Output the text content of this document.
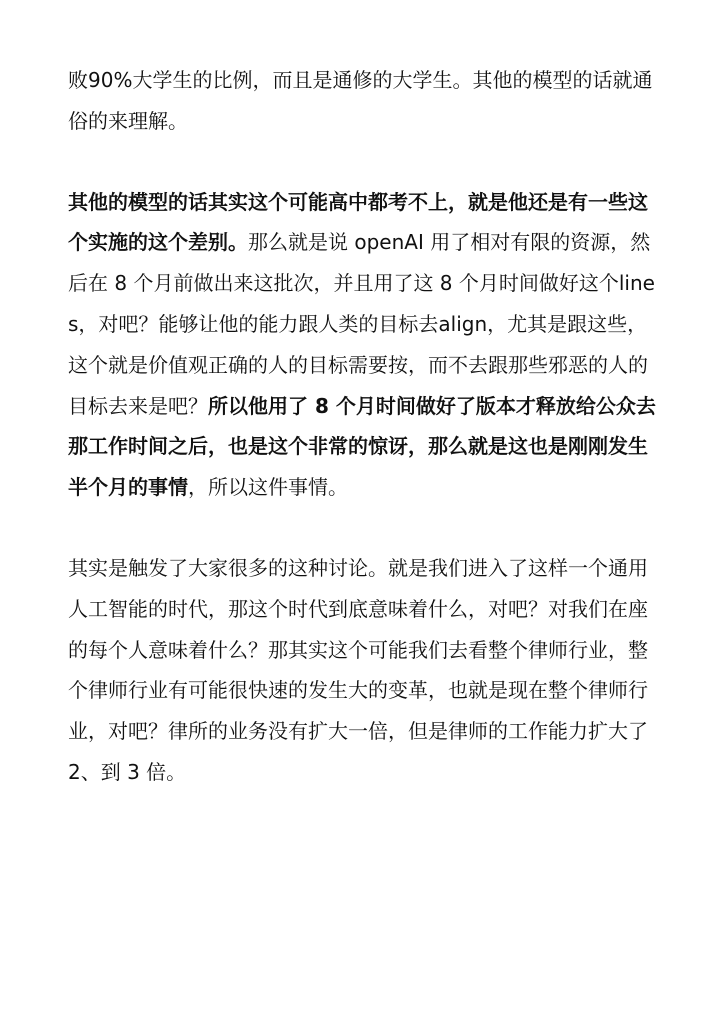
败90%大学生的比例，而且是通修的大学生。其他的模型的话就通俗的来理解。

其他的模型的话其实这个可能高中都考不上，就是他还是有一些这个实施的这个差别。那么就是说 openAI 用了相对有限的资源，然后在 8 个月前做出来这批次，并且用了这 8 个月时间做好这个lines，对吧？能够让他的能力跟人类的目标去align，尤其是跟这些，这个就是价值观正确的人的目标需要按，而不去跟那些邪恶的人的目标去来是吧？所以他用了 8 个月时间做好了版本才释放给公众去那工作时间之后，也是这个非常的惊讶，那么就是这也是刚刚发生半个月的事情，所以这件事情。

其实是触发了大家很多的这种讨论。就是我们进入了这样一个通用人工智能的时代，那这个时代到底意味着什么，对吧？对我们在座的每个人意味着什么？那其实这个可能我们去看整个律师行业，整个律师行业有可能很快速的发生大的变革，也就是现在整个律师行业，对吧？律所的业务没有扩大一倍，但是律师的工作能力扩大了2、到 3 倍。
